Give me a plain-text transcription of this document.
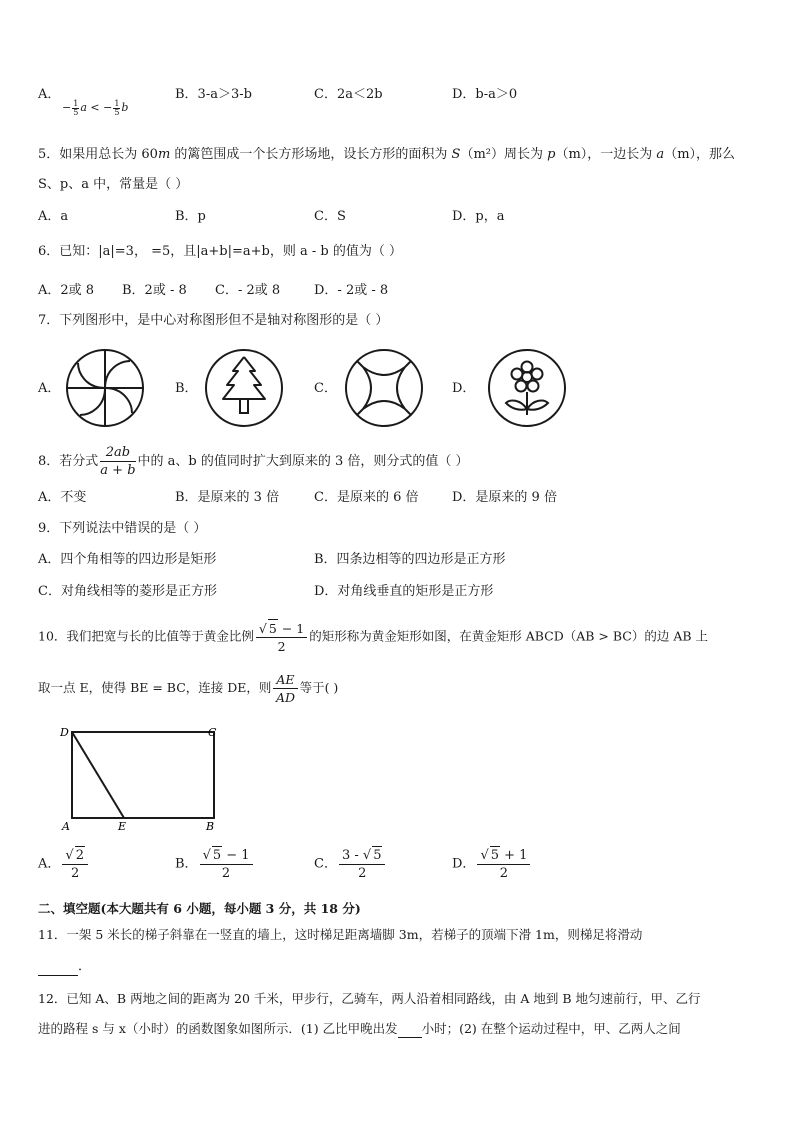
A．
− $\frac{1}{5}a$ < − $\frac{1}{5}b$
B．3-a＞3-b	C．2a＜2b	D．b-a＞0
5．如果用总长为 60m 的篱笆围成一个长方形场地，设长方形的面积为 S（m²）周长为 p（m），一边长为 a（m），那么
S、p、a 中，常量是（ ）
A．a	B．p	C．S	D．p，a
6．已知：|a|=3， =5，且|a+b|=a+b，则 a - b 的值为（ ）
A．2或 8 B．2或 - 8 C．- 2或 8	D．- 2或 - 8
7．下列图形中，是中心对称图形但不是轴对称图形的是（ ）
A．	B．	C．	D．
8．若分式 $\frac{2ab}{a + b}$ 中的 a、b 的值同时扩大到原来的 3 倍，则分式的值（ ）
A．不变	B．是原来的 3 倍	C．是原来的 6 倍	D．是原来的 9 倍
9．下列说法中错误的是（ ）
A．四个角相等的四边形是矩形	B．四条边相等的四边形是正方形
C．对角线相等的菱形是正方形	D．对角线垂直的矩形是正方形
10．我们把宽与长的比值等于黄金比例 $\frac{√ 5 - 1}{2}$ 的矩形称为黄金矩形如图，在黄金矩形 ABCD（AB > BC）的边 AB 上
取一点 E，使得 BE = BC，连接 DE，则 $\frac{AE}{AD}$ 等于( )
D	C
A	E	B
A． $\frac{√ 2}{2}$	B． $\frac{√ 5 - 1}{2}$	C． $\frac{3 - √ 5}{2}$	D． $\frac{√ 5 + 1}{2}$
二、填空题(本大题共有 6 小题，每小题 3 分，共 18 分)
11．一架 5 米长的梯子斜靠在一竖直的墙上，这时梯足距离墙脚 3m，若梯子的顶端下滑 1m，则梯足将滑动
．
12．已知 A、B 两地之间的距离为 20 千米，甲步行，乙骑车，两人沿着相同路线，由 A 地到 B 地匀速前行，甲、乙行
进的路程 s 与 x（小时）的函数图象如图所示．(1) 乙比甲晚出发 小时；(2) 在整个运动过程中，甲、乙两人之间
